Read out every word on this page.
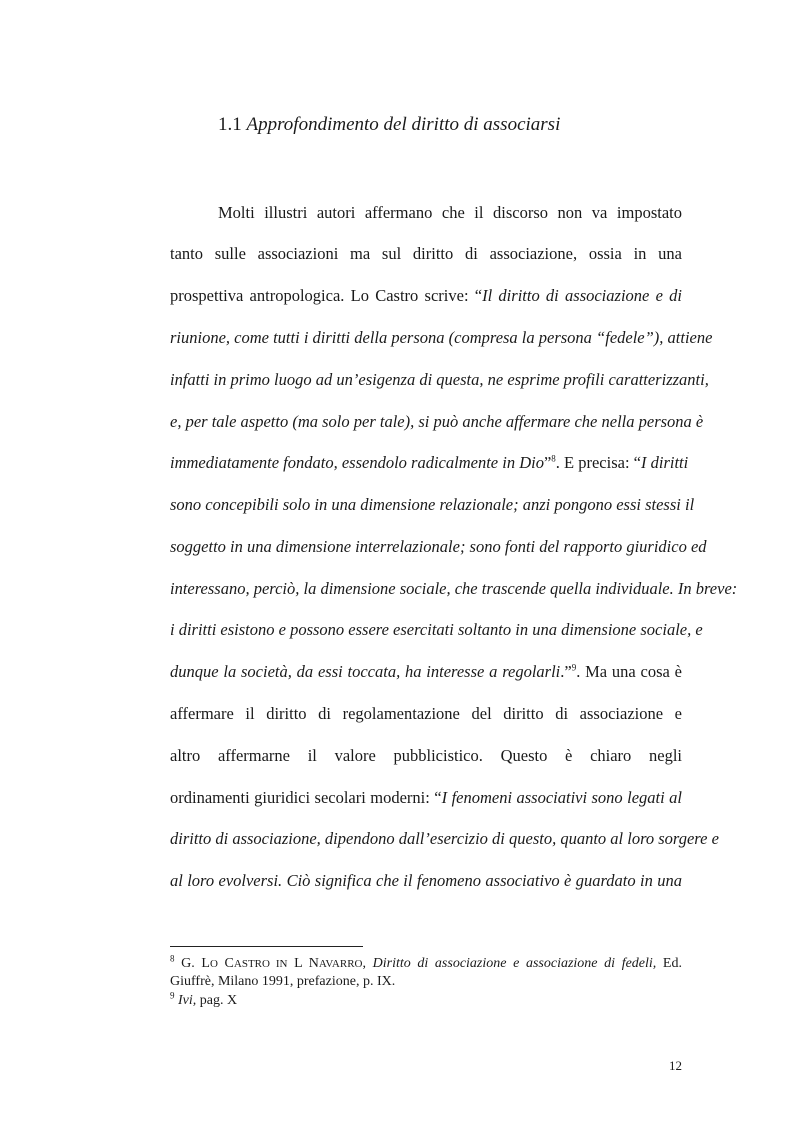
1.1 Approfondimento del diritto di associarsi
Molti illustri autori affermano che il discorso non va impostato
tanto sulle associazioni ma sul diritto di associazione, ossia in una
prospettiva antropologica. Lo Castro scrive: “Il diritto di associazione e di
riunione, come tutti i diritti della persona (compresa la persona “fedele”), attiene
infatti in primo luogo ad un’esigenza di questa, ne esprime profili caratterizzanti,
e, per tale aspetto (ma solo per tale), si può anche affermare che nella persona è
immediatamente fondato, essendolo radicalmente in Dio”$^8$. E precisa: “I diritti
sono concepibili solo in una dimensione relazionale; anzi pongono essi stessi il
soggetto in una dimensione interrelazionale; sono fonti del rapporto giuridico ed
interessano, perciò, la dimensione sociale, che trascende quella individuale. In breve:
i diritti esistono e possono essere esercitati soltanto in una dimensione sociale, e
dunque la società, da essi toccata, ha interesse a regolarli.”$^9$. Ma una cosa è
affermare il diritto di regolamentazione del diritto di associazione e
altro affermarne il valore pubblicistico. Questo è chiaro negli
ordinamenti giuridici secolari moderni: “I fenomeni associativi sono legati al
diritto di associazione, dipendono dall’esercizio di questo, quanto al loro sorgere e
al loro evolversi. Ciò significa che il fenomeno associativo è guardato in una
$^8$ G. LO CASTRO IN L NAVARRO, Diritto di associazione e associazione di fedeli, Ed.
Giuffrè, Milano 1991, prefazione, p. IX.
$^9$ Ivi, pag. X
12
